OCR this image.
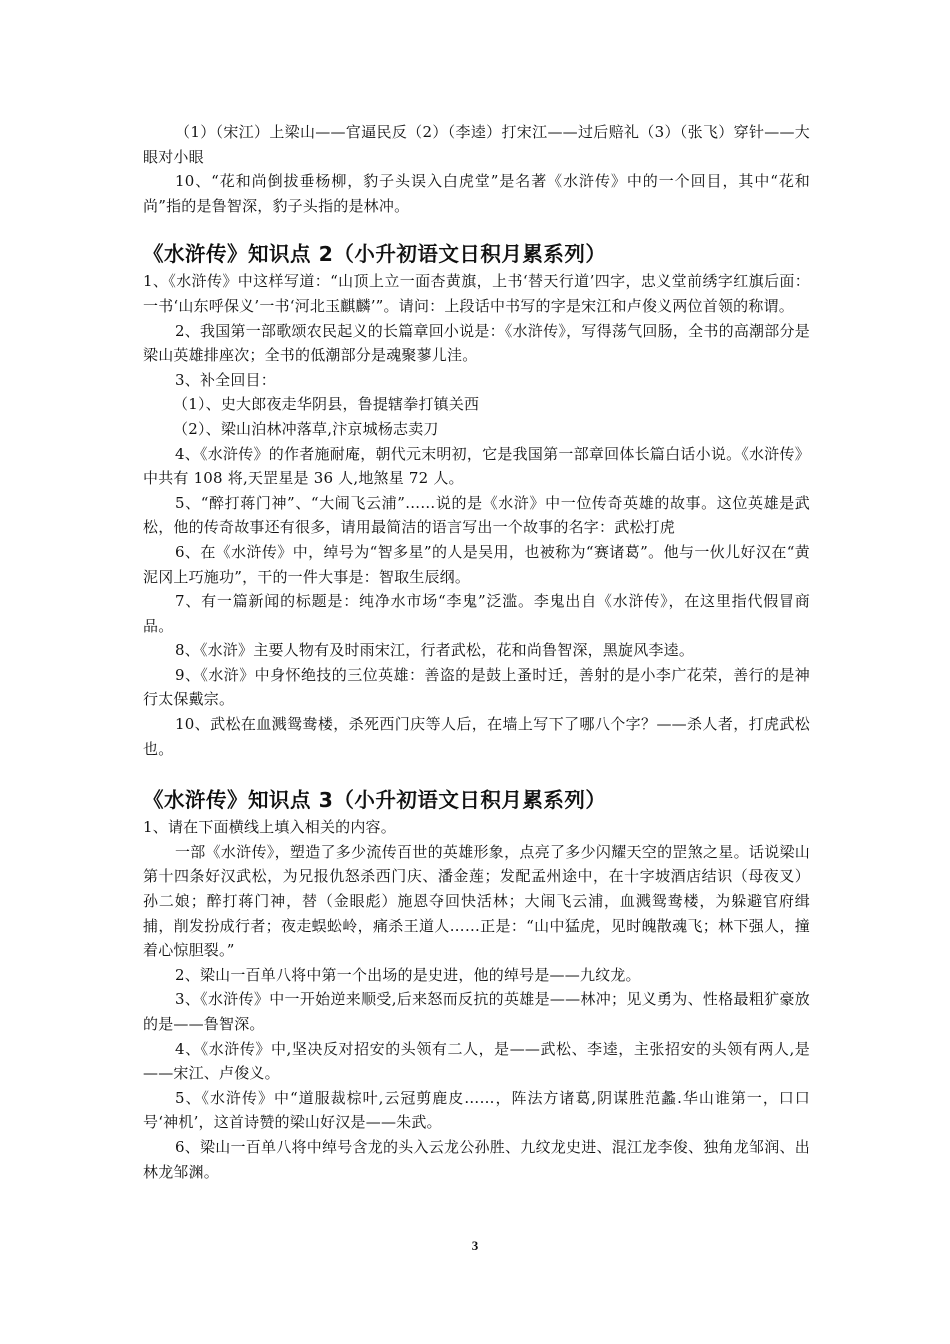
（1）（宋江）上梁山——官逼民反（2）（李逵）打宋江——过后赔礼（3）（张飞）穿针——大眼对小眼

10、“花和尚倒拔垂杨柳，豹子头误入白虎堂”是名著《水浒传》中的一个回目，其中“花和尚”指的是鲁智深，豹子头指的是林冲。

《水浒传》知识点 2（小升初语文日积月累系列）

1、《水浒传》中这样写道：“山顶上立一面杏黄旗，上书‘替天行道’四字，忠义堂前绣字红旗后面：一书‘山东呼保义’一书‘河北玉麒麟’”。请问：上段话中书写的字是宋江和卢俊义两位首领的称谓。

2、我国第一部歌颂农民起义的长篇章回小说是：《水浒传》，写得荡气回肠，全书的高潮部分是梁山英雄排座次；全书的低潮部分是魂聚蓼儿洼。

3、补全回目：

（1）、史大郎夜走华阴县，鲁提辖拳打镇关西

（2）、梁山泊林冲落草,汴京城杨志卖刀

4、《水浒传》的作者施耐庵，朝代元末明初，它是我国第一部章回体长篇白话小说。《水浒传》中共有 108 将,天罡星是 36 人,地煞星 72 人。

5、“醉打蒋门神”、“大闹飞云浦”……说的是《水浒》中一位传奇英雄的故事。这位英雄是武松，他的传奇故事还有很多，请用最简洁的语言写出一个故事的名字：武松打虎

6、在《水浒传》中，绰号为“智多星”的人是吴用，也被称为“赛诸葛”。他与一伙儿好汉在“黄泥冈上巧施功”，干的一件大事是：智取生辰纲。

7、有一篇新闻的标题是：纯净水市场“李鬼”泛滥。李鬼出自《水浒传》，在这里指代假冒商品。

8、《水浒》主要人物有及时雨宋江，行者武松，花和尚鲁智深，黑旋风李逵。

9、《水浒》中身怀绝技的三位英雄：善盗的是鼓上蚤时迁，善射的是小李广花荣，善行的是神行太保戴宗。

10、武松在血溅鸳鸯楼，杀死西门庆等人后，在墙上写下了哪八个字？——杀人者，打虎武松也。

《水浒传》知识点 3（小升初语文日积月累系列）

1、请在下面横线上填入相关的内容。

一部《水浒传》，塑造了多少流传百世的英雄形象，点亮了多少闪耀天空的罡煞之星。话说梁山第十四条好汉武松，为兄报仇怒杀西门庆、潘金莲；发配孟州途中，在十字坡酒店结识（母夜叉）孙二娘；醉打蒋门神，替（金眼彪）施恩夺回快活林；大闹飞云浦，血溅鸳鸯楼，为躲避官府缉捕，削发扮成行者；夜走蜈蚣岭，痛杀王道人……正是：“山中猛虎，见时魄散魂飞；林下强人，撞着心惊胆裂。”

2、梁山一百单八将中第一个出场的是史进，他的绰号是——九纹龙。

3、《水浒传》中一开始逆来顺受,后来怒而反抗的英雄是——林冲；见义勇为、性格最粗犷豪放的是——鲁智深。

4、《水浒传》中,坚决反对招安的头领有二人，是——武松、李逵，主张招安的头领有两人,是——宋江、卢俊义。

5、《水浒传》中“道服裁棕叶,云冠剪鹿皮……，阵法方诸葛,阴谋胜范蠡.华山谁第一，口口号‘神机’，这首诗赞的梁山好汉是——朱武。

6、梁山一百单八将中绰号含龙的头入云龙公孙胜、九纹龙史进、混江龙李俊、独角龙邹润、出林龙邹渊。

3
